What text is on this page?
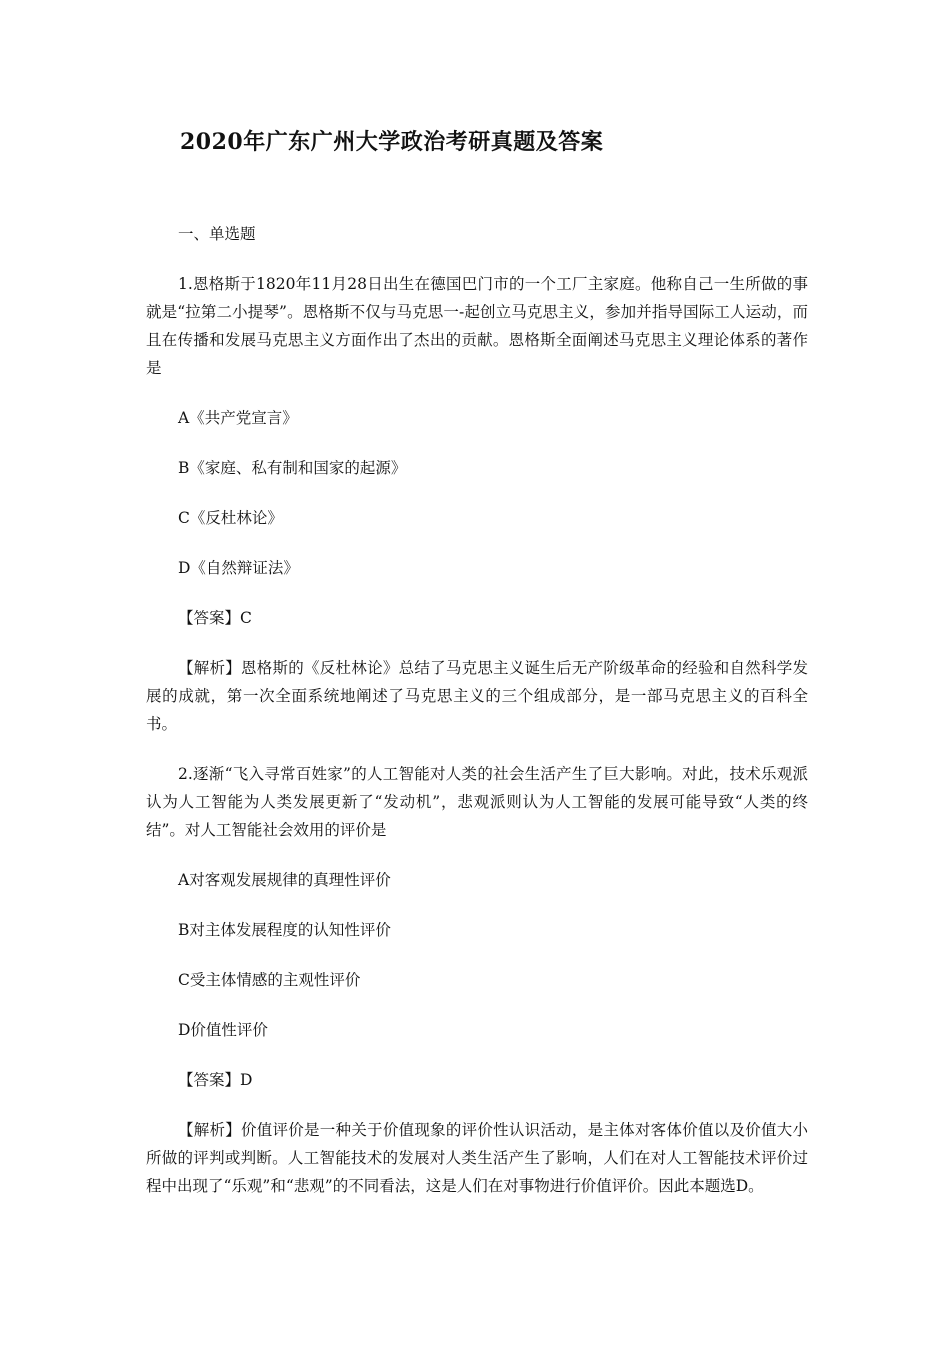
2020年广东广州大学政治考研真题及答案

一、单选题

1.恩格斯于1820年11月28日出生在德国巴门市的一个工厂主家庭。他称自己一生所做的事就是“拉第二小提琴”。恩格斯不仅与马克思一-起创立马克思主义，参加并指导国际工人运动，而且在传播和发展马克思主义方面作出了杰出的贡献。恩格斯全面阐述马克思主义理论体系的著作是

A《共产党宣言》

B《家庭、私有制和国家的起源》

C《反杜林论》

D《自然辩证法》

【答案】C

【解析】恩格斯的《反杜林论》总结了马克思主义诞生后无产阶级革命的经验和自然科学发展的成就，第一次全面系统地阐述了马克思主义的三个组成部分，是一部马克思主义的百科全书。

2.逐渐“飞入寻常百姓家”的人工智能对人类的社会生活产生了巨大影响。对此，技术乐观派认为人工智能为人类发展更新了“发动机”，悲观派则认为人工智能的发展可能导致“人类的终结”。对人工智能社会效用的评价是

A对客观发展规律的真理性评价

B对主体发展程度的认知性评价

C受主体情感的主观性评价

D价值性评价

【答案】D

【解析】价值评价是一种关于价值现象的评价性认识活动，是主体对客体价值以及价值大小所做的评判或判断。人工智能技术的发展对人类生活产生了影响，人们在对人工智能技术评价过程中出现了“乐观”和“悲观”的不同看法，这是人们在对事物进行价值评价。因此本题选D。
